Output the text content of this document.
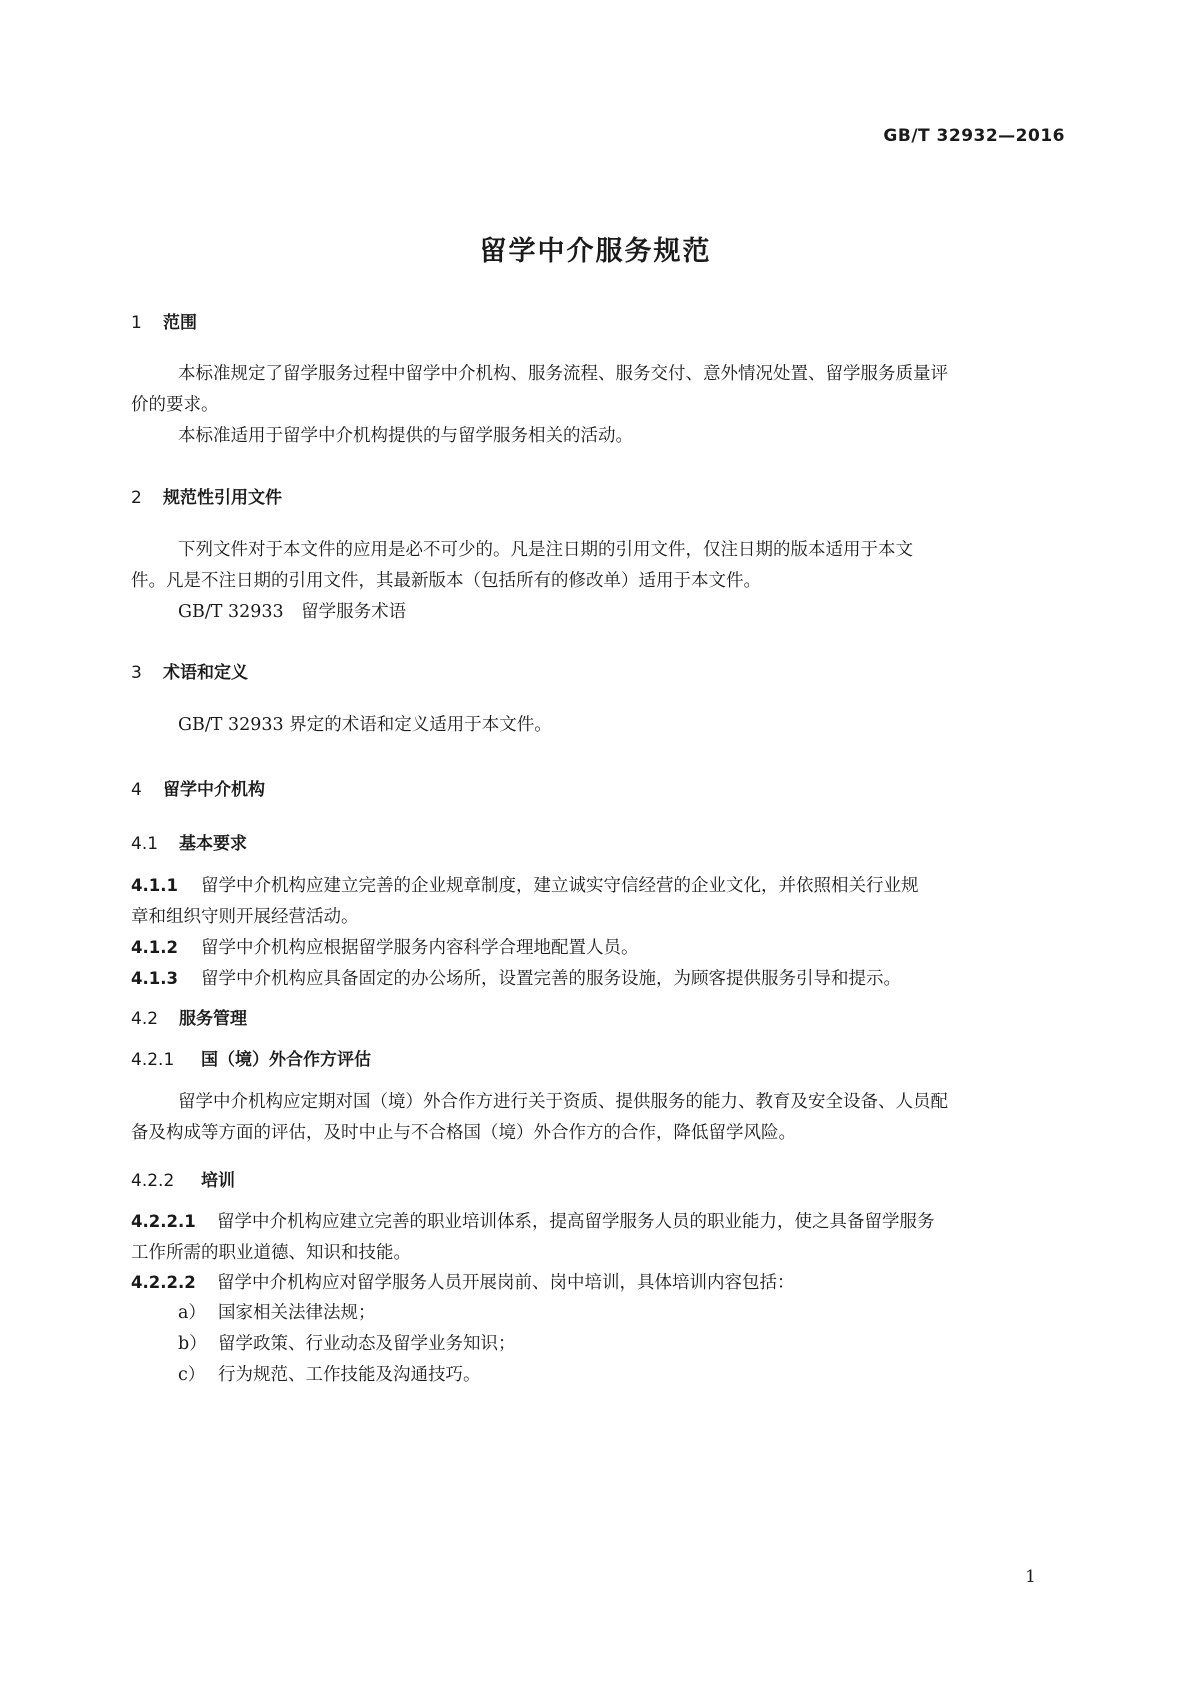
GB/T 32932—2016
留学中介服务规范
1 范围
本标准规定了留学服务过程中留学中介机构、服务流程、服务交付、意外情况处置、留学服务质量评
价的要求。
本标准适用于留学中介机构提供的与留学服务相关的活动。
2 规范性引用文件
下列文件对于本文件的应用是必不可少的。凡是注日期的引用文件，仅注日期的版本适用于本文
件。凡是不注日期的引用文件，其最新版本（包括所有的修改单）适用于本文件。
GB/T 32933　留学服务术语
3 术语和定义
GB/T 32933 界定的术语和定义适用于本文件。
4 留学中介机构
4.1 基本要求
4.1.1 留学中介机构应建立完善的企业规章制度，建立诚实守信经营的企业文化，并依照相关行业规
章和组织守则开展经营活动。
4.1.2 留学中介机构应根据留学服务内容科学合理地配置人员。
4.1.3 留学中介机构应具备固定的办公场所，设置完善的服务设施，为顾客提供服务引导和提示。
4.2 服务管理
4.2.1 国（境）外合作方评估
留学中介机构应定期对国（境）外合作方进行关于资质、提供服务的能力、教育及安全设备、人员配
备及构成等方面的评估，及时中止与不合格国（境）外合作方的合作，降低留学风险。
4.2.2 培训
4.2.2.1 留学中介机构应建立完善的职业培训体系，提高留学服务人员的职业能力，使之具备留学服务
工作所需的职业道德、知识和技能。
4.2.2.2 留学中介机构应对留学服务人员开展岗前、岗中培训，具体培训内容包括：
a） 国家相关法律法规；
b） 留学政策、行业动态及留学业务知识；
c） 行为规范、工作技能及沟通技巧。
1
